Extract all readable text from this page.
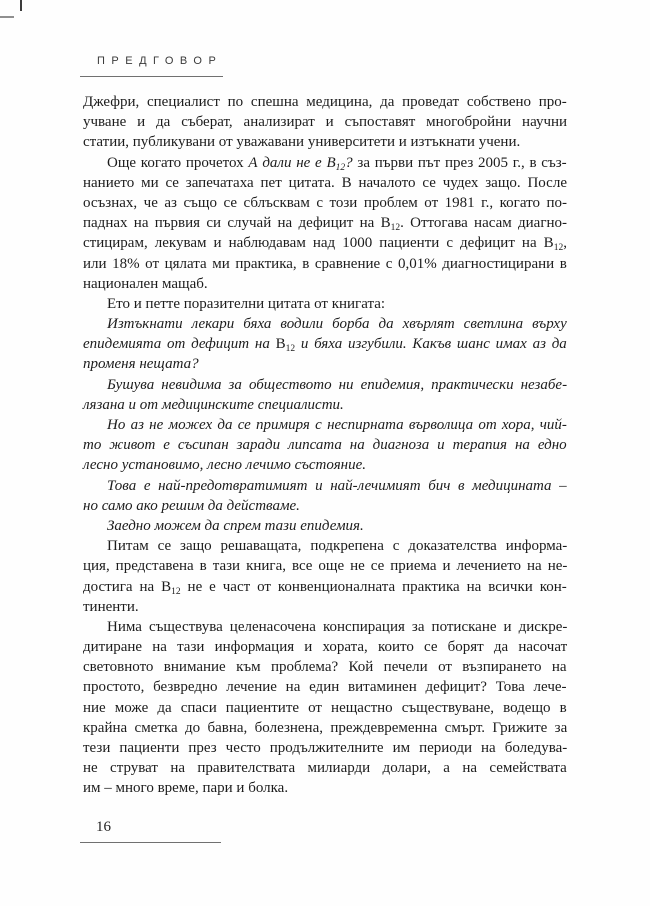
ПРЕДГОВОР
Джефри, специалист по спешна медицина, да проведат собствено про-
учване и да съберат, анализират и съпоставят многобройни научни
статии, публикувани от уважавани университети и изтъкнати учени.
Още когато прочетох А дали не е $В_{12}$? за първи път през 2005 г., в съз-
нанието ми се запечатаха пет цитата. В началото се чудех защо. После
осъзнах, че аз също се сблъсквам с този проблем от 1981 г., когато по-
паднах на първия си случай на дефицит на $В_{12}$. Оттогава насам диагно-
стицирам, лекувам и наблюдавам над 1000 пациенти с дефицит на $В_{12}$,
или 18% от цялата ми практика, в сравнение с 0,01% диагностицирани в
национален мащаб.
Ето и петте поразителни цитата от книгата:
Изтъкнати лекари бяха водили борба да хвърлят светлина върху
епидемията от дефицит на $В_{12}$ и бяха изгубили. Какъв шанс имах аз да
променя нещата?
Бушува невидима за обществото ни епидемия, практически незабе-
лязана и от медицинските специалисти.
Но аз не можех да се примиря с неспирната върволица от хора, чий-
то живот е съсипан заради липсата на диагноза и терапия на едно
лесно установимо, лесно лечимо състояние.
Това е най-предотвратимият и най-лечимият бич в медицината –
но само ако решим да действаме.
Заедно можем да спрем тази епидемия.
Питам се защо решаващата, подкрепена с доказателства информа-
ция, представена в тази книга, все още не се приема и лечението на не-
достига на $В_{12}$ не е част от конвенционалната практика на всички кон-
тиненти.
Нима съществува целенасочена конспирация за потискане и дискре-
дитиране на тази информация и хората, които се борят да насочат
световното внимание към проблема? Кой печели от възпирането на
простото, безвредно лечение на един витаминен дефицит? Това лече-
ние може да спаси пациентите от нещастно съществуване, водещо в
крайна сметка до бавна, болезнена, преждевременна смърт. Грижите за
тези пациенти през често продължителните им периоди на боледува-
не струват на правителствата милиарди долари, а на семействата
им – много време, пари и болка.
16
